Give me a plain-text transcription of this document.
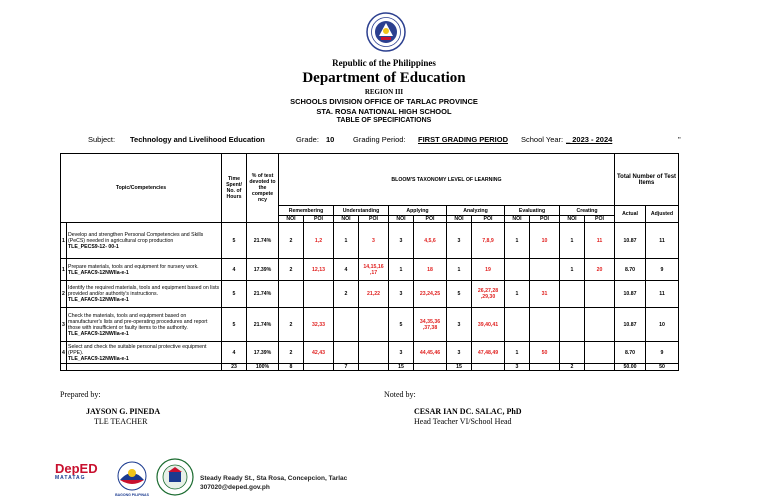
Republic of the Philippines
Department of Education
REGION III
SCHOOLS DIVISION OFFICE OF TARLAC PROVINCE
STA. ROSA NATIONAL HIGH SCHOOL
TABLE OF SPECIFICATIONS
Subject: Technology and Livelihood Education	Grade: 10 Grading Period: FIRST GRADING PERIOD School Year: _ 2023 - 2024	"
Topic/Competencies		Time Spent/ No. of Hours	% of test devoted to the compete ncy	BLOOM'S TAXONOMY LEVEL OF LEARNING												Total Number of Test Items	
				Remembering		Understanding		Applying		Analyzing		Evaluating		Creating		Actual	Adjusted
				NOI	POI	NOI	POI	NOI	POI	NOI	POI	NOI	POI	NOI	POI		
1	Develop and strengthen Personal Competencies and Skills (PeCS) needed in agricultural crop production
TLE_PECS9-12- 00-1	5	21.74%	2	1,2	1	3	3	4,5,6	3	7,8,9	1	10	1	11	10.87	11
1	Prepare materials, tools and equipment for nursery work.
TLE_AFAC9-12NWIIa-e-1	4	17.39%	2	12,13	4	14,15,16 ,17	1	18	1	19			1	20	8.70	9
2	Identify the required materials, tools and equipment based on lists provided and/or authority's instructions.
TLE_AFAC9-12NWIIa-e-1	5	21.74%			2	21,22	3	23,24,25	5	26,27,28 ,29,30	1	31			10.87	11
3	Check the materials, tools and equipment based on manufacturer's lists and pre-operating procedures and report those with insufficient or faulty items to the authority.
TLE_AFAC9-12NWIIa-e-1	5	21.74%	2	32,33			5	34,35,36 ,37,38	3	39,40,41					10.87	10
4	Select and check the suitable personal protective equipment (PPE).
TLE_AFAC9-12NWIIa-e-1	4	17.39%	2	42,43			3	44,45,46	3	47,48,49	1	50			8.70	9
		23	100%	8		7		15		15		3		2		50.00	50
Prepared by:
JAYSON G. PINEDA
TLE TEACHER
Noted by:
CESAR IAN DC. SALAC, PhD
Head Teacher VI/School Head
DepED
MATATAG
BAGONG PILIPINAS
Steady Ready St., Sta Rosa, Concepcion, Tarlac
307020@deped.gov.ph
